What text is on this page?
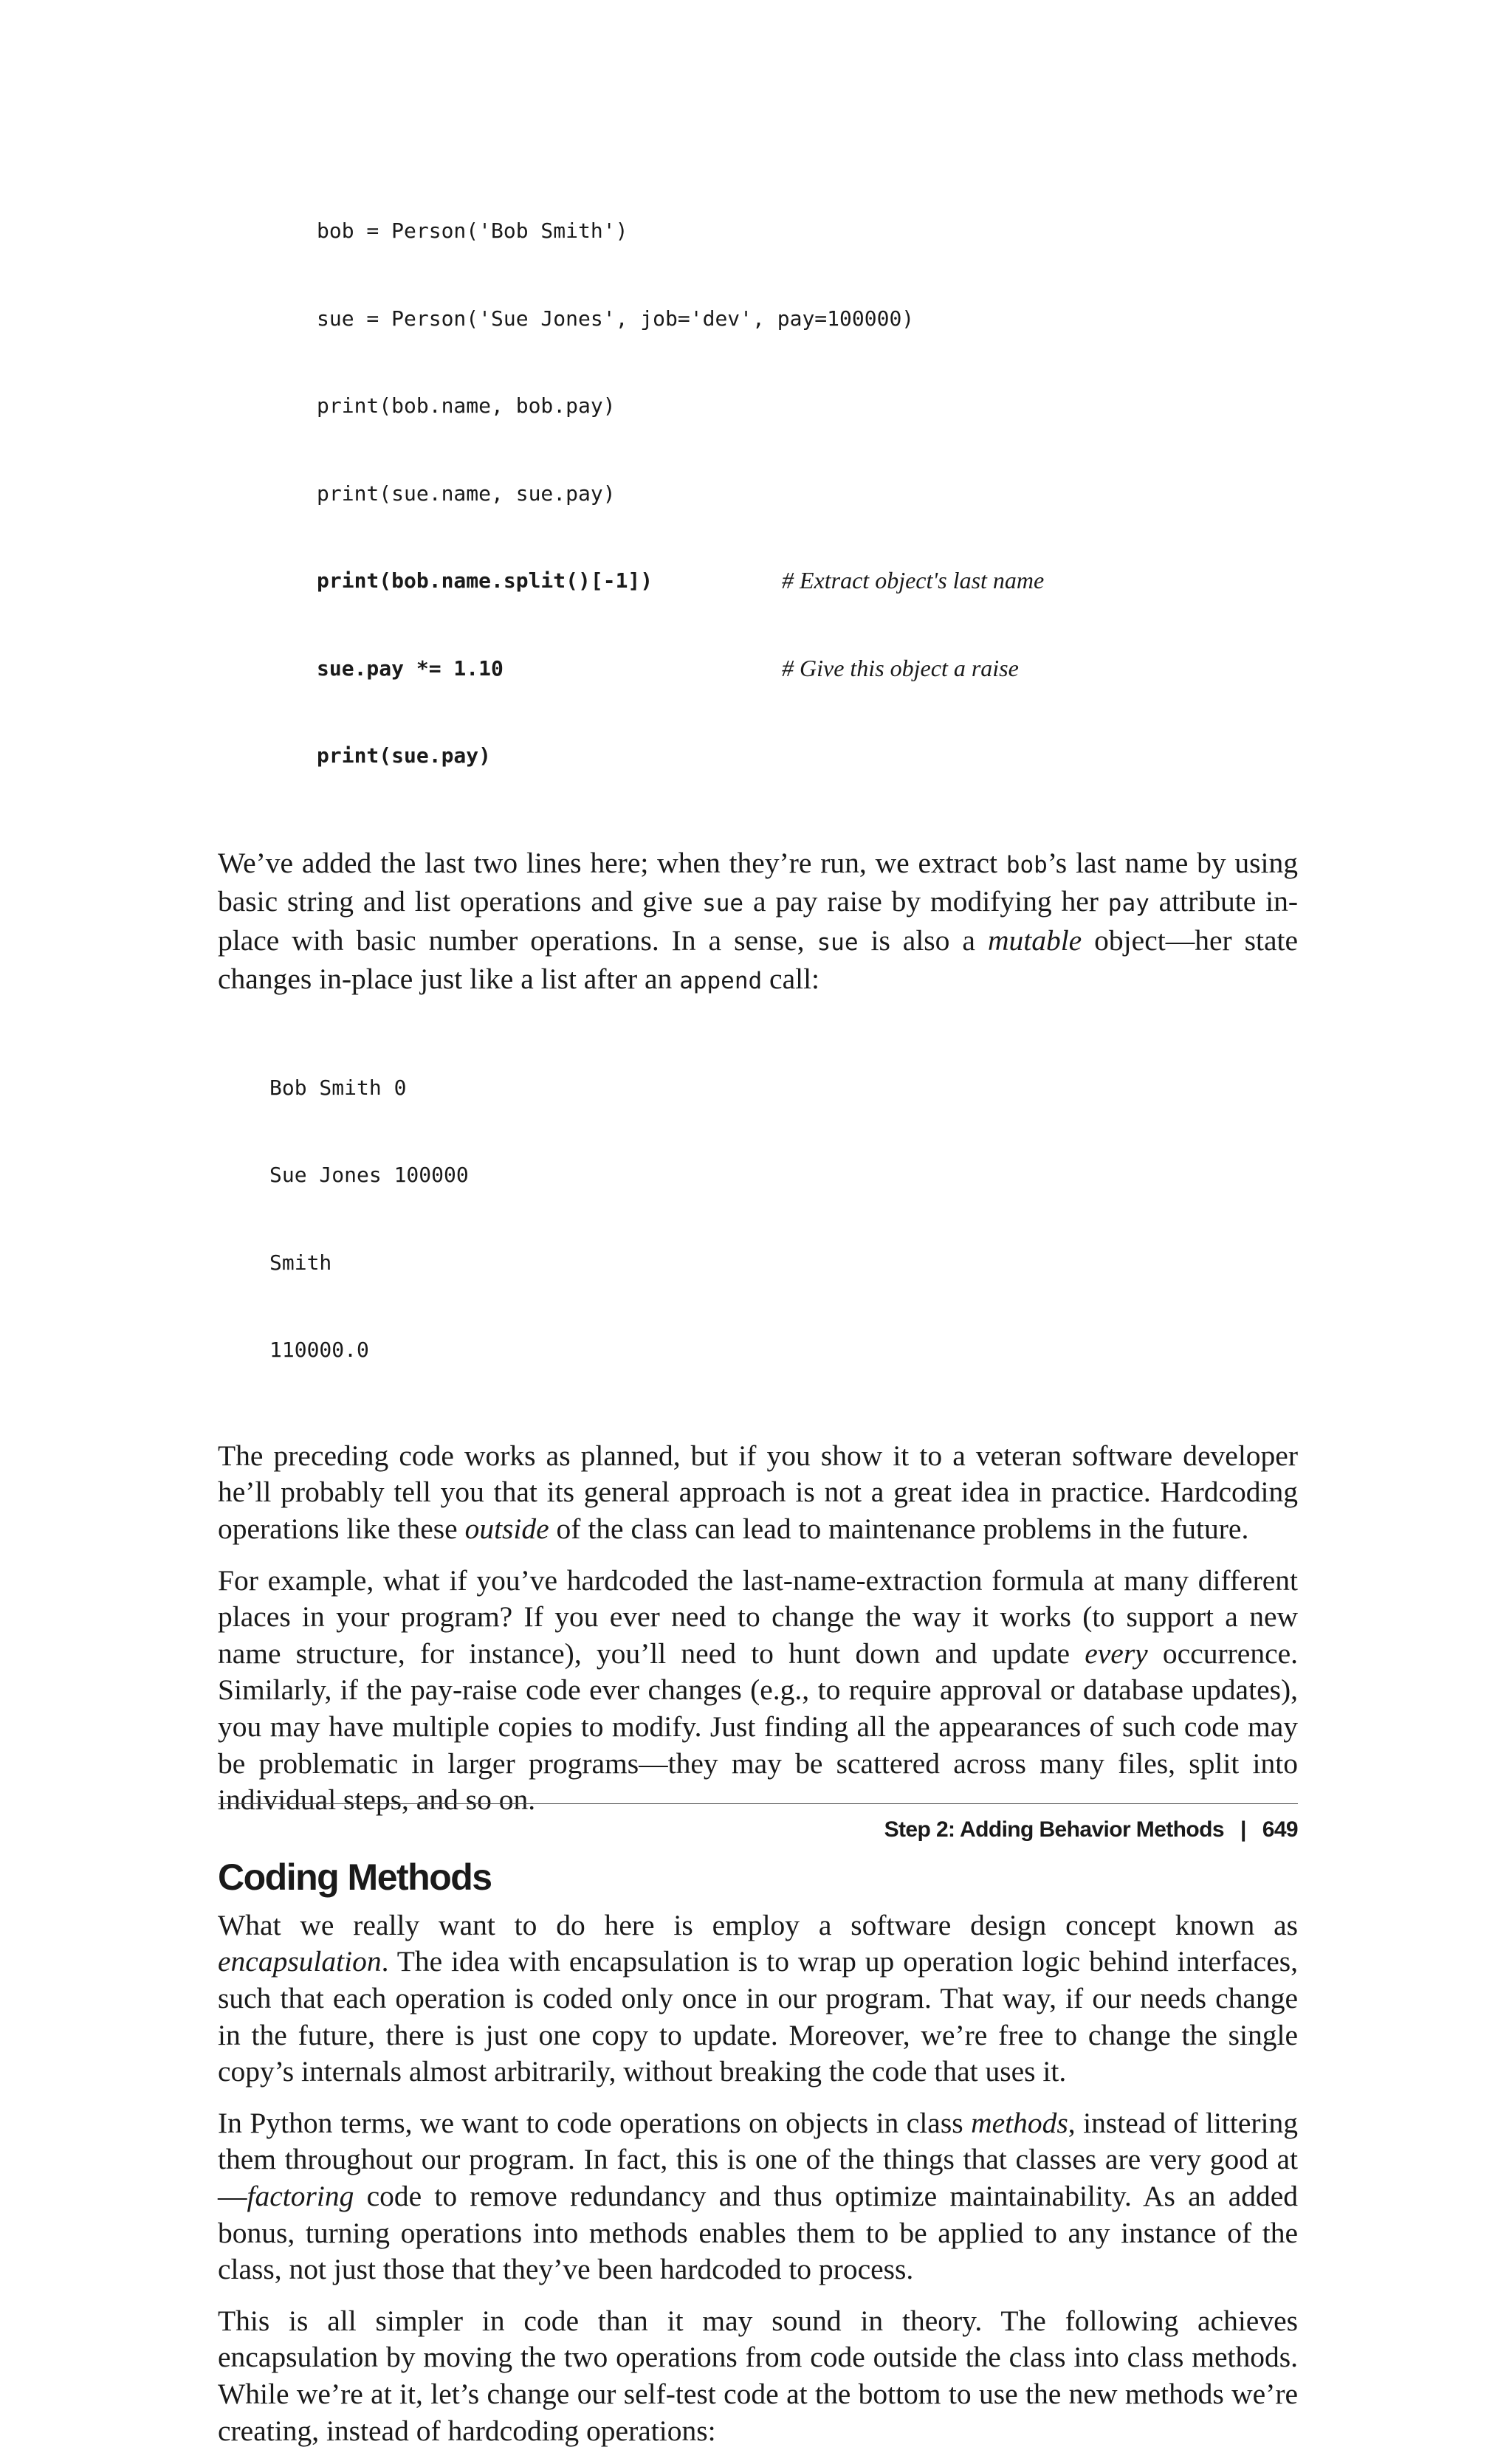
bob = Person('Bob Smith')

sue = Person('Sue Jones', job='dev', pay=100000)

print(bob.name, bob.pay)

print(sue.name, sue.pay)

print(bob.name.split()[-1])	# Extract object's last name

sue.pay *= 1.10	# Give this object a raise

print(sue.pay)

We’ve added the last two lines here; when they’re run, we extract bob’s last name by using basic string and list operations and give sue a pay raise by modifying her pay attribute in-place with basic number operations. In a sense, sue is also a mutable object—her state changes in-place just like a list after an append call:

Bob Smith 0

Sue Jones 100000

Smith

110000.0

The preceding code works as planned, but if you show it to a veteran software developer he’ll probably tell you that its general approach is not a great idea in practice. Hardcoding operations like these outside of the class can lead to maintenance problems in the future.

For example, what if you’ve hardcoded the last-name-extraction formula at many different places in your program? If you ever need to change the way it works (to support a new name structure, for instance), you’ll need to hunt down and update every occurrence. Similarly, if the pay-raise code ever changes (e.g., to require approval or database updates), you may have multiple copies to modify. Just finding all the appearances of such code may be problematic in larger programs—they may be scattered across many files, split into individual steps, and so on.

Coding Methods

What we really want to do here is employ a software design concept known as encapsulation. The idea with encapsulation is to wrap up operation logic behind interfaces, such that each operation is coded only once in our program. That way, if our needs change in the future, there is just one copy to update. Moreover, we’re free to change the single copy’s internals almost arbitrarily, without breaking the code that uses it.

In Python terms, we want to code operations on objects in class methods, instead of littering them throughout our program. In fact, this is one of the things that classes are very good at—factoring code to remove redundancy and thus optimize maintainability. As an added bonus, turning operations into methods enables them to be applied to any instance of the class, not just those that they’ve been hardcoded to process.

This is all simpler in code than it may sound in theory. The following achieves encapsulation by moving the two operations from code outside the class into class methods. While we’re at it, let’s change our self-test code at the bottom to use the new methods we’re creating, instead of hardcoding operations:

Step 2: Adding Behavior Methods | 649
